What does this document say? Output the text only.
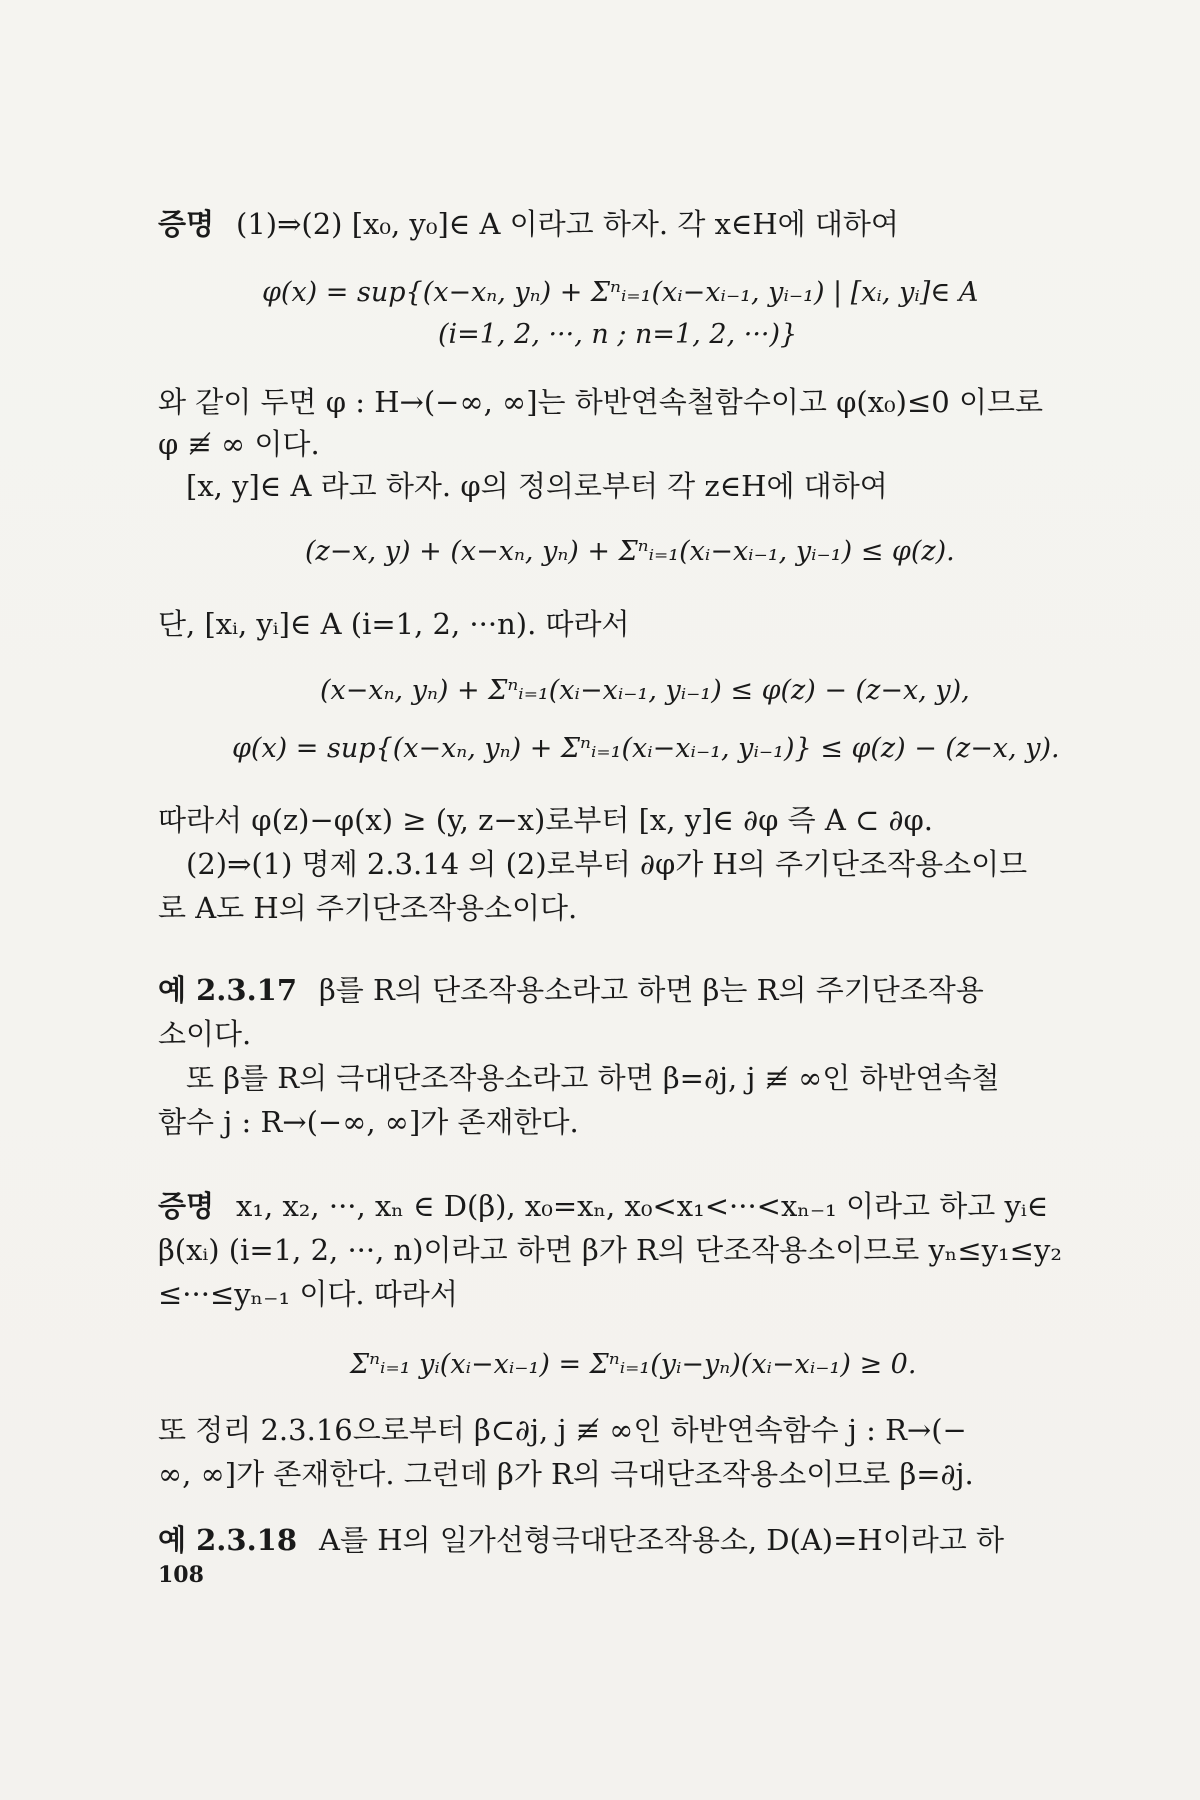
증명 (1)⇒(2) [x₀, y₀]∈ A 이라고 하자. 각 x∈H에 대하여
φ(x) = sup{(x−xₙ, yₙ) + Σⁿᵢ₌₁(xᵢ−xᵢ₋₁, yᵢ₋₁) | [xᵢ, yᵢ]∈ A
(i=1, 2, ···, n ; n=1, 2, ···)}
와 같이 두면 φ : H→(−∞, ∞]는 하반연속철함수이고 φ(x₀)≤0 이므로
φ ≢ ∞ 이다.
[x, y]∈ A 라고 하자. φ의 정의로부터 각 z∈H에 대하여
(z−x, y) + (x−xₙ, yₙ) + Σⁿᵢ₌₁(xᵢ−xᵢ₋₁, yᵢ₋₁) ≤ φ(z).
단, [xᵢ, yᵢ]∈ A (i=1, 2, ···n). 따라서
(x−xₙ, yₙ) + Σⁿᵢ₌₁(xᵢ−xᵢ₋₁, yᵢ₋₁) ≤ φ(z) − (z−x, y),
φ(x) = sup{(x−xₙ, yₙ) + Σⁿᵢ₌₁(xᵢ−xᵢ₋₁, yᵢ₋₁)} ≤ φ(z) − (z−x, y).
따라서 φ(z)−φ(x) ≥ (y, z−x)로부터 [x, y]∈ ∂φ 즉 A ⊂ ∂φ.
(2)⇒(1) 명제 2.3.14 의 (2)로부터 ∂φ가 H의 주기단조작용소이므
로 A도 H의 주기단조작용소이다.
예 2.3.17 β를 R의 단조작용소라고 하면 β는 R의 주기단조작용
소이다.
또 β를 R의 극대단조작용소라고 하면 β=∂j, j ≢ ∞인 하반연속철
함수 j : R→(−∞, ∞]가 존재한다.
증명 x₁, x₂, ···, xₙ ∈ D(β), x₀=xₙ, x₀<x₁<···<xₙ₋₁ 이라고 하고 yᵢ∈
β(xᵢ) (i=1, 2, ···, n)이라고 하면 β가 R의 단조작용소이므로 yₙ≤y₁≤y₂
≤···≤yₙ₋₁ 이다. 따라서
Σⁿᵢ₌₁ yᵢ(xᵢ−xᵢ₋₁) = Σⁿᵢ₌₁(yᵢ−yₙ)(xᵢ−xᵢ₋₁) ≥ 0.
또 정리 2.3.16으로부터 β⊂∂j, j ≢ ∞인 하반연속함수 j : R→(−
∞, ∞]가 존재한다. 그런데 β가 R의 극대단조작용소이므로 β=∂j.
예 2.3.18 A를 H의 일가선형극대단조작용소, D(A)=H이라고 하
108
